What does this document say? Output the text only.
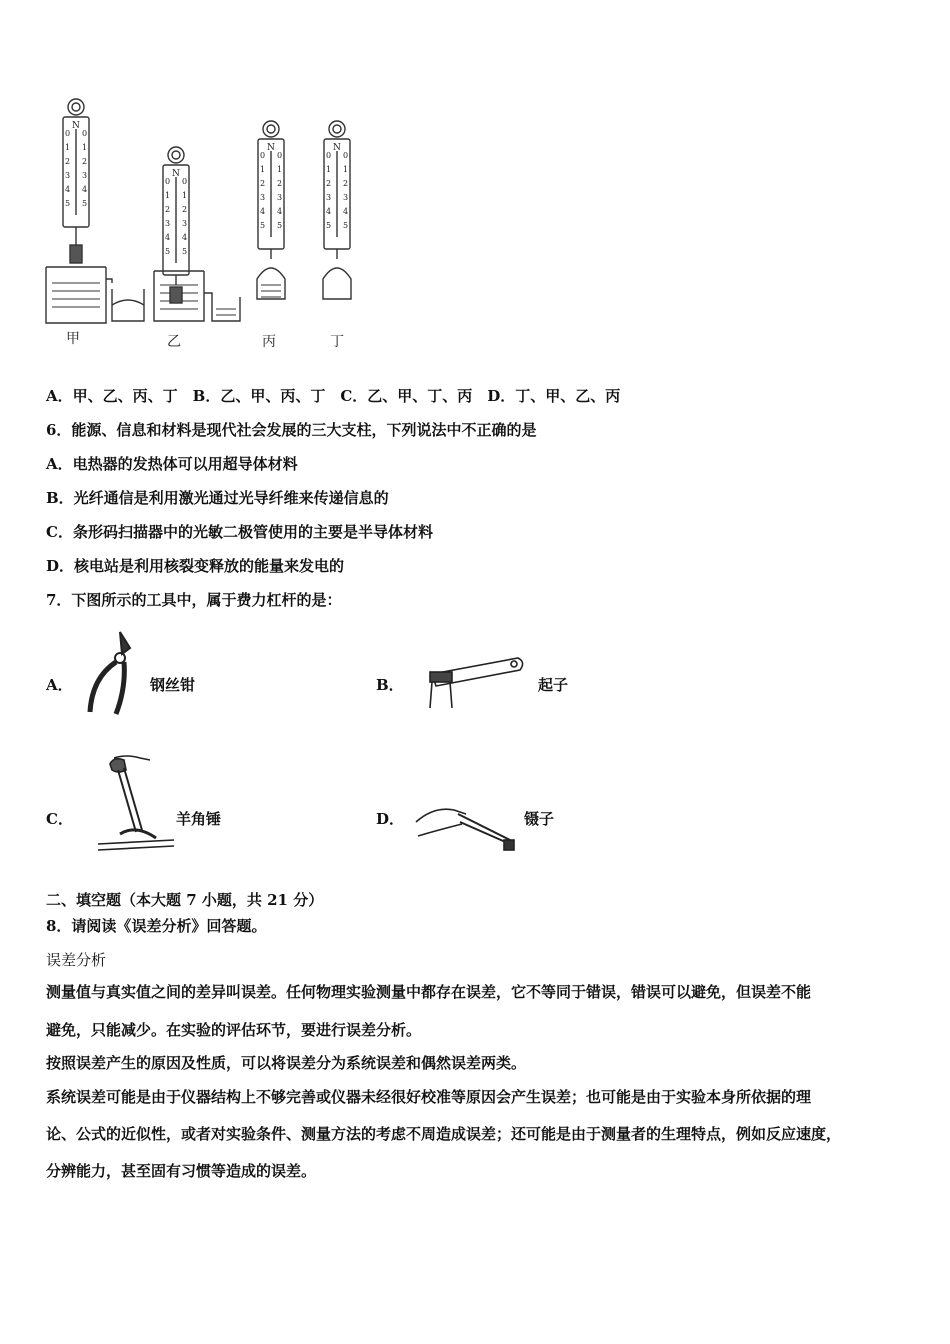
N
N
N	N
甲	乙	丙	丁
0 0
1 1
2 2
3 3
4 4
5 5
0 0
1 1
2 2
3 3
4 4
5 5
0 0
1 1
2 2
3 3
4 4
5 5
0 0
1 1
2 2
3 3
4 4
5 5
A．甲、乙、丙、丁　B．乙、甲、丙、丁　C．乙、甲、丁、丙　D．丁、甲、乙、丙
6．能源、信息和材料是现代社会发展的三大支柱，下列说法中不正确的是
A．电热器的发热体可以用超导体材料
B．光纤通信是利用激光通过光导纤维来传递信息的
C．条形码扫描器中的光敏二极管使用的主要是半导体材料
D．核电站是利用核裂变释放的能量来发电的
7．下图所示的工具中，属于费力杠杆的是：
A．	钢丝钳	B．	起子
C．	羊角锤	D．	镊子
二、填空题（本大题 7 小题，共 21 分）
8．请阅读《误差分析》回答题。
误差分析
测量值与真实值之间的差异叫误差。任何物理实验测量中都存在误差，它不等同于错误，错误可以避免，但误差不能
避免，只能减少。在实验的评估环节，要进行误差分析。
按照误差产生的原因及性质，可以将误差分为系统误差和偶然误差两类。
系统误差可能是由于仪器结构上不够完善或仪器未经很好校准等原因会产生误差；也可能是由于实验本身所依据的理
论、公式的近似性，或者对实验条件、测量方法的考虑不周造成误差；还可能是由于测量者的生理特点，例如反应速度，
分辨能力，甚至固有习惯等造成的误差。
